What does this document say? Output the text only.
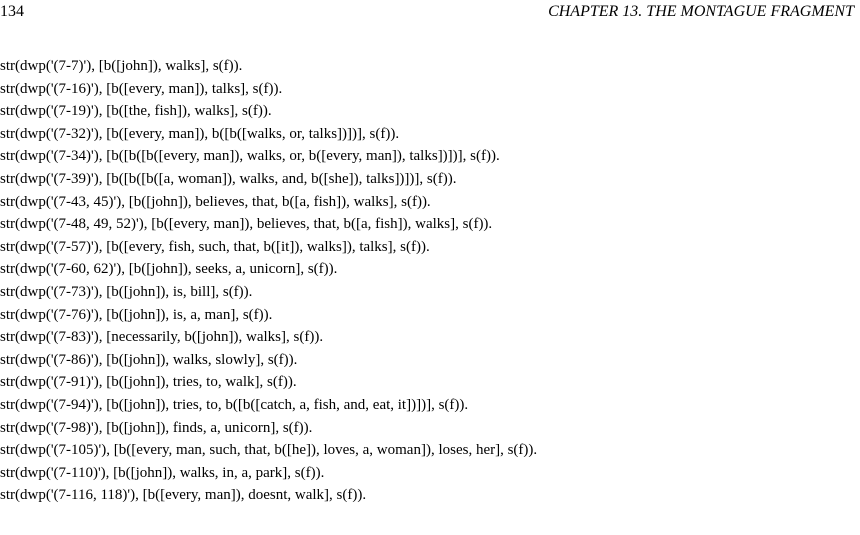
134	CHAPTER 13. THE MONTAGUE FRAGMENT
str(dwp('(7-7)'), [b([john]), walks], s(f)).
str(dwp('(7-16)'), [b([every, man]), talks], s(f)).
str(dwp('(7-19)'), [b([the, fish]), walks], s(f)).
str(dwp('(7-32)'), [b([every, man]), b([b([walks, or, talks])])], s(f)).
str(dwp('(7-34)'), [b([b([b([every, man]), walks, or, b([every, man]), talks])])], s(f)).
str(dwp('(7-39)'), [b([b([b([a, woman]), walks, and, b([she]), talks])])], s(f)).
str(dwp('(7-43, 45)'), [b([john]), believes, that, b([a, fish]), walks], s(f)).
str(dwp('(7-48, 49, 52)'), [b([every, man]), believes, that, b([a, fish]), walks], s(f)).
str(dwp('(7-57)'), [b([every, fish, such, that, b([it]), walks]), talks], s(f)).
str(dwp('(7-60, 62)'), [b([john]), seeks, a, unicorn], s(f)).
str(dwp('(7-73)'), [b([john]), is, bill], s(f)).
str(dwp('(7-76)'), [b([john]), is, a, man], s(f)).
str(dwp('(7-83)'), [necessarily, b([john]), walks], s(f)).
str(dwp('(7-86)'), [b([john]), walks, slowly], s(f)).
str(dwp('(7-91)'), [b([john]), tries, to, walk], s(f)).
str(dwp('(7-94)'), [b([john]), tries, to, b([b([catch, a, fish, and, eat, it])])], s(f)).
str(dwp('(7-98)'), [b([john]), finds, a, unicorn], s(f)).
str(dwp('(7-105)'), [b([every, man, such, that, b([he]), loves, a, woman]), loses, her], s(f)).
str(dwp('(7-110)'), [b([john]), walks, in, a, park], s(f)).
str(dwp('(7-116, 118)'), [b([every, man]), doesnt, walk], s(f)).
